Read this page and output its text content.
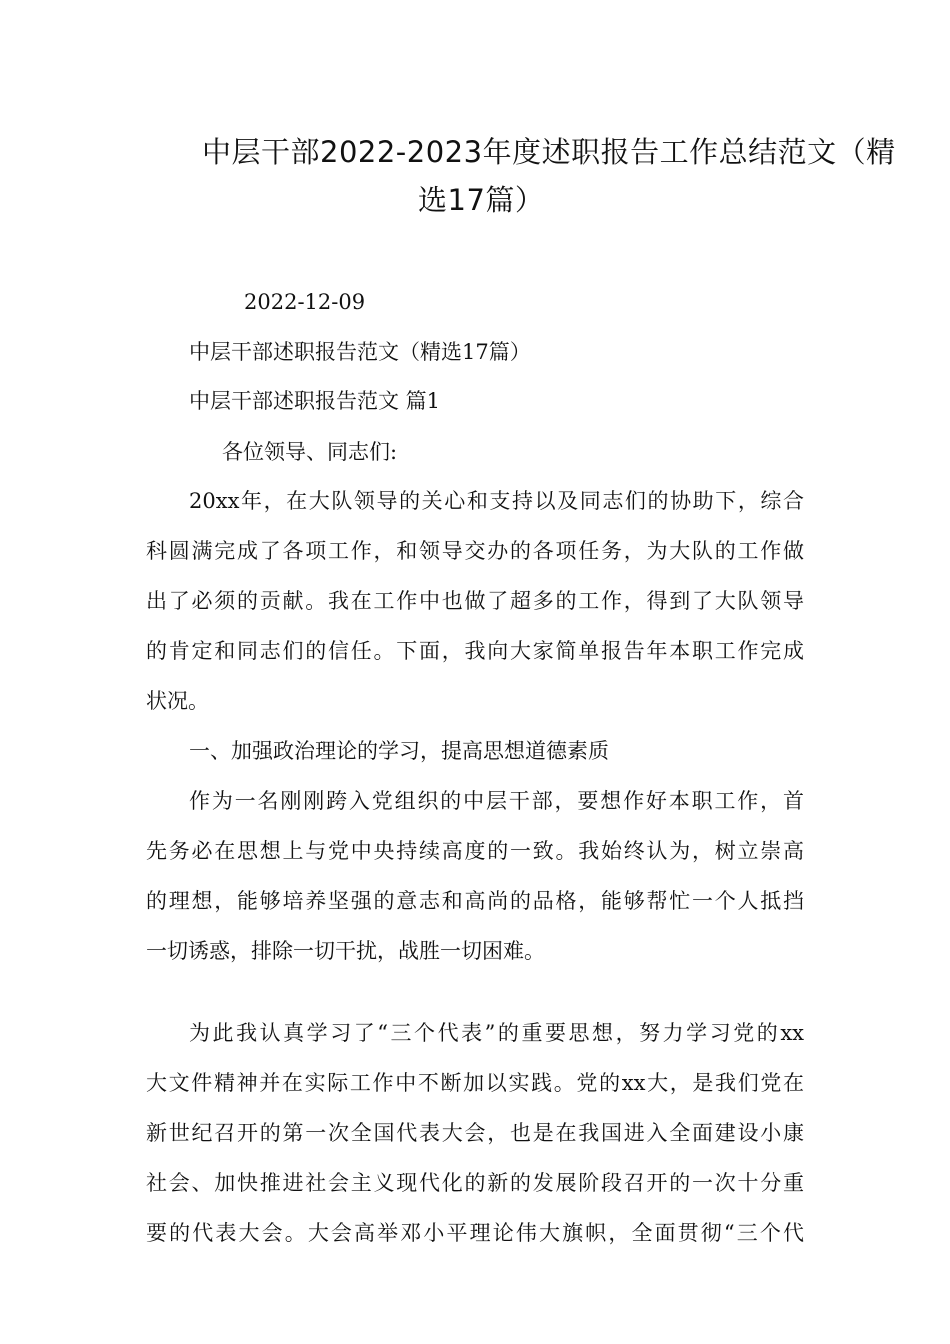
中层干部2022-2023年度述职报告工作总结范文（精
选17篇）
2022-12-09
中层干部述职报告范文（精选17篇）
中层干部述职报告范文 篇1
各位领导、同志们:
20xx年，在大队领导的关心和支持以及同志们的协助下，综合
科圆满完成了各项工作，和领导交办的各项任务，为大队的工作做
出了必须的贡献。我在工作中也做了超多的工作，得到了大队领导
的肯定和同志们的信任。下面，我向大家简单报告年本职工作完成
状况。
一、加强政治理论的学习，提高思想道德素质
作为一名刚刚跨入党组织的中层干部，要想作好本职工作，首
先务必在思想上与党中央持续高度的一致。我始终认为，树立崇高
的理想，能够培养坚强的意志和高尚的品格，能够帮忙一个人抵挡
一切诱惑，排除一切干扰，战胜一切困难。
为此我认真学习了“三个代表”的重要思想，努力学习党的xx
大文件精神并在实际工作中不断加以实践。党的xx大，是我们党在
新世纪召开的第一次全国代表大会，也是在我国进入全面建设小康
社会、加快推进社会主义现代化的新的发展阶段召开的一次十分重
要的代表大会。大会高举邓小平理论伟大旗帜，全面贯彻“三个代
